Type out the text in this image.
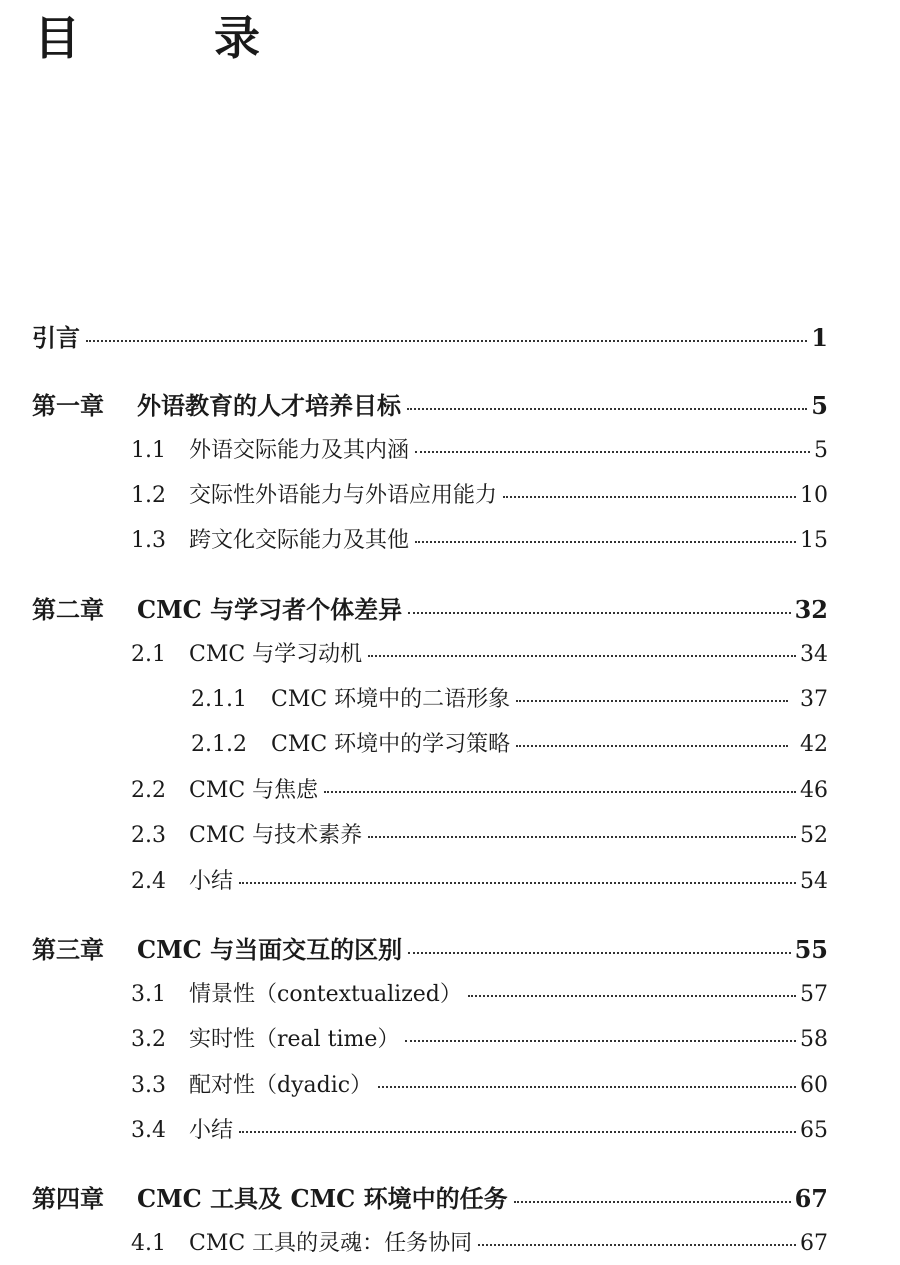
目　录
引言	1
第一章	外语教育的人才培养目标	5
1.1	外语交际能力及其内涵	5
1.2	交际性外语能力与外语应用能力	10
1.3	跨文化交际能力及其他	15
第二章	CMC 与学习者个体差异	32
2.1	CMC 与学习动机	34
2.1.1	CMC 环境中的二语形象	37
2.1.2	CMC 环境中的学习策略	42
2.2	CMC 与焦虑	46
2.3	CMC 与技术素养	52
2.4	小结	54
第三章	CMC 与当面交互的区别	55
3.1	情景性（contextualized）	57
3.2	实时性（real time）	58
3.3	配对性（dyadic）	60
3.4	小结	65
第四章	CMC 工具及 CMC 环境中的任务	67
4.1	CMC 工具的灵魂：任务协同	67
